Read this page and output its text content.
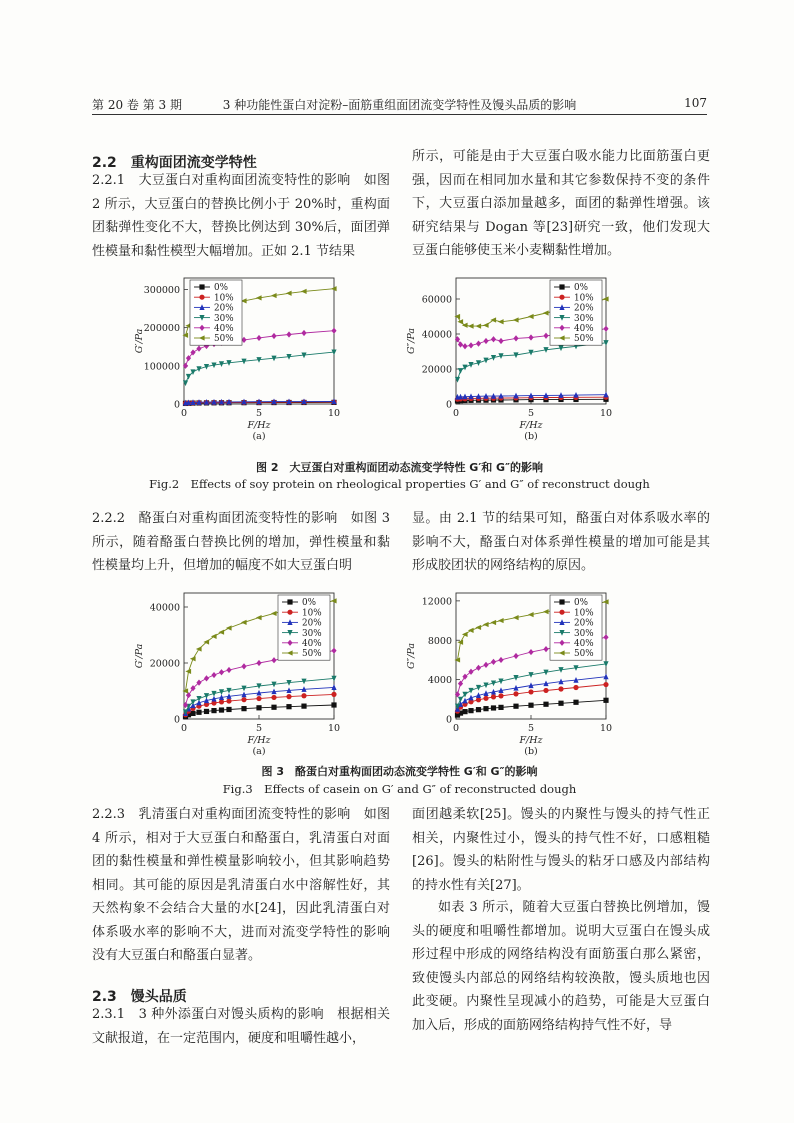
第 20 卷 第 3 期	3 种功能性蛋白对淀粉–面筋重组面团流变学特性及馒头品质的影响	107
2.2　重构面团流变学特性

2.2.1　大豆蛋白对重构面团流变特性的影响　如图 2 所示，大豆蛋白的替换比例小于 20%时，重构面团黏弹性变化不大，替换比例达到 30%后，面团弹性模量和黏性模型大幅增加。正如 2.1 节结果

所示，可能是由于大豆蛋白吸水能力比面筋蛋白更强，因而在相同加水量和其它参数保持不变的条件下，大豆蛋白添加量越多，面团的黏弹性增强。该研究结果与 Dogan 等[23]研究一致，他们发现大豆蛋白能够使玉米小麦糊黏性增加。

0
100000
200000
300000
0	5	10
F/Hz
G′/Pa
(a)
0%
10%
20%
30%
40%
50%
0
20000
40000
60000
0	5	10
F/Hz
G″/Pa
(b)
0%
10%
20%
30%
40%
50%
图 2　大豆蛋白对重构面团动态流变学特性 G′和 G″的影响
Fig.2　Effects of soy protein on rheological properties G′ and G″ of reconstruct dough

2.2.2　酪蛋白对重构面团流变特性的影响　如图 3 所示，随着酪蛋白替换比例的增加，弹性模量和黏性模量均上升，但增加的幅度不如大豆蛋白明

显。由 2.1 节的结果可知，酪蛋白对体系吸水率的影响不大，酪蛋白对体系弹性模量的增加可能是其形成胶团状的网络结构的原因。

0
20000
40000
0	5	10
F/Hz
G′/Pa
(a)
0%
10%
20%
30%
40%
50%
0
4000
8000
12000
0	5	10
F/Hz
G″/Pa
(b)
0%
10%
20%
30%
40%
50%
图 3　酪蛋白对重构面团动态流变学特性 G′和 G″的影响
Fig.3　Effects of casein on G′ and G″ of reconstructed dough

2.2.3　乳清蛋白对重构面团流变特性的影响　如图 4 所示，相对于大豆蛋白和酪蛋白，乳清蛋白对面团的黏性模量和弹性模量影响较小，但其影响趋势相同。其可能的原因是乳清蛋白水中溶解性好，其天然构象不会结合大量的水[24]，因此乳清蛋白对体系吸水率的影响不大，进而对流变学特性的影响没有大豆蛋白和酪蛋白显著。

2.3　馒头品质

2.3.1　3 种外添蛋白对馒头质构的影响　根据相关文献报道，在一定范围内，硬度和咀嚼性越小，

面团越柔软[25]。馒头的内聚性与馒头的持气性正相关，内聚性过小，馒头的持气性不好，口感粗糙[26]。馒头的粘附性与馒头的粘牙口感及内部结构的持水性有关[27]。

如表 3 所示，随着大豆蛋白替换比例增加，馒头的硬度和咀嚼性都增加。说明大豆蛋白在馒头成形过程中形成的网络结构没有面筋蛋白那么紧密，致使馒头内部总的网络结构较涣散，馒头质地也因此变硬。内聚性呈现减小的趋势，可能是大豆蛋白加入后，形成的面筋网络结构持气性不好，导
